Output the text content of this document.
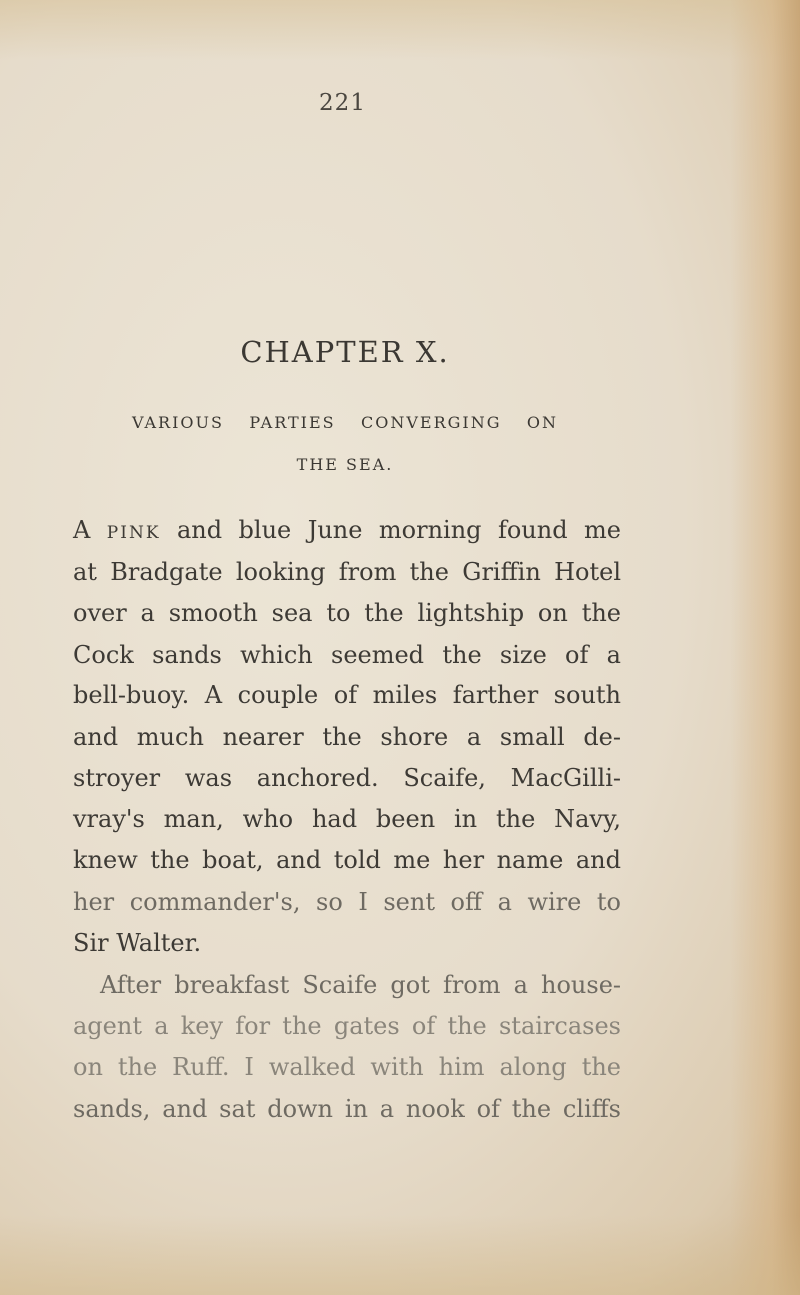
221
CHAPTER X.
VARIOUS PARTIES CONVERGING ON
THE SEA.
A PINK and blue June morning found me
at Bradgate looking from the Griffin Hotel
over a smooth sea to the lightship on the
Cock sands which seemed the size of a
bell-buoy. A couple of miles farther south
and much nearer the shore a small de-
stroyer was anchored. Scaife, MacGilli-
vray's man, who had been in the Navy,
knew the boat, and told me her name and
her commander's, so I sent off a wire to
Sir Walter.
After breakfast Scaife got from a house-
agent a key for the gates of the staircases
on the Ruff. I walked with him along the
sands, and sat down in a nook of the cliffs
